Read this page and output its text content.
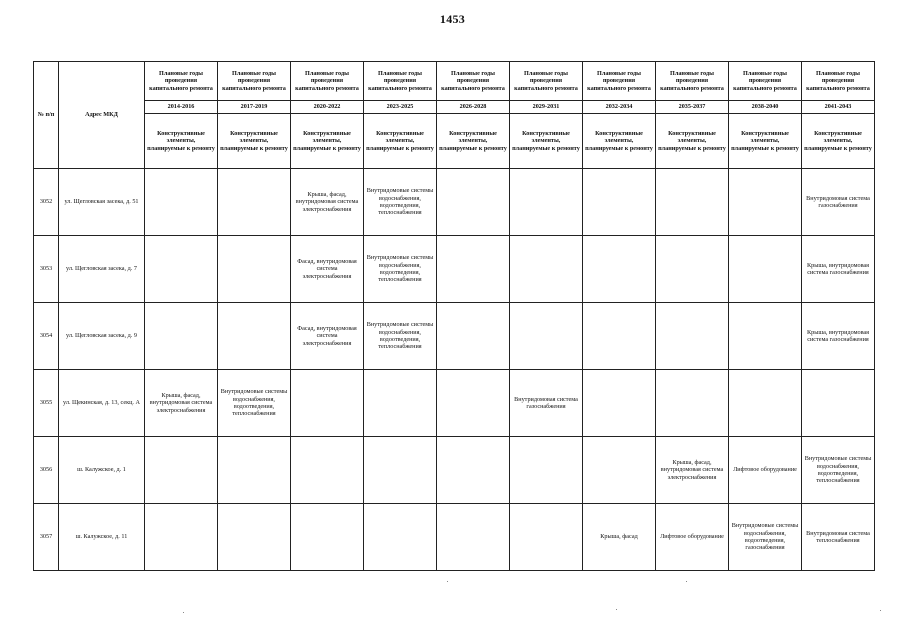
1453
№ п/п	Адрес МКД	Плановые годы проведения капитального ремонта	Плановые годы проведения капитального ремонта	Плановые годы проведения капитального ремонта	Плановые годы проведения капитального ремонта	Плановые годы проведения капитального ремонта	Плановые годы проведения капитального ремонта	Плановые годы проведения капитального ремонта	Плановые годы проведения капитального ремонта	Плановые годы проведения капитального ремонта	Плановые годы проведения капитального ремонта
		2014-2016	2017-2019	2020-2022	2023-2025	2026-2028	2029-2031	2032-2034	2035-2037	2038-2040	2041-2043
		Конструктивные элементы, планируемые к ремонту	Конструктивные элементы, планируемые к ремонту	Конструктивные элементы, планируемые к ремонту	Конструктивные элементы, планируемые к ремонту	Конструктивные элементы, планируемые к ремонту	Конструктивные элементы, планируемые к ремонту	Конструктивные элементы, планируемые к ремонту	Конструктивные элементы, планируемые к ремонту	Конструктивные элементы, планируемые к ремонту	Конструктивные элементы, планируемые к ремонту
3052	ул. Щегловская засека, д. 51			Крыша, фасад, внутридомовая система электроснабжения	Внутридомовые системы водоснабжения, водоотведения, теплоснабжения						Внутридомовая система газоснабжения
3053	ул. Щегловская засека, д. 7			Фасад, внутридомовая система электроснабжения	Внутридомовые системы водоснабжения, водоотведения, теплоснабжения						Крыша, внутридомовая система газоснабжения
3054	ул. Щегловская засека, д. 9			Фасад, внутридомовая система электроснабжения	Внутридомовые системы водоснабжения, водоотведения, теплоснабжения						Крыша, внутридомовая система газоснабжения
3055	ул. Щекинская, д. 13, секц. А	Крыша, фасад, внутридомовая система электроснабжения	Внутридомовые системы водоснабжения, водоотведения, теплоснабжения				Внутридомовая система газоснабжения				
3056	ш. Калужское, д. 1								Крыша, фасад, внутридомовая система электроснабжения	Лифтовое оборудование	Внутридомовые системы водоснабжения, водоотведения, теплоснабжения
3057	ш. Калужское, д. 11							Крыша, фасад	Лифтовое оборудование	Внутридомовые системы водоснабжения, водоотведения, газоснабжения	Внутридомовая система теплоснабжения
